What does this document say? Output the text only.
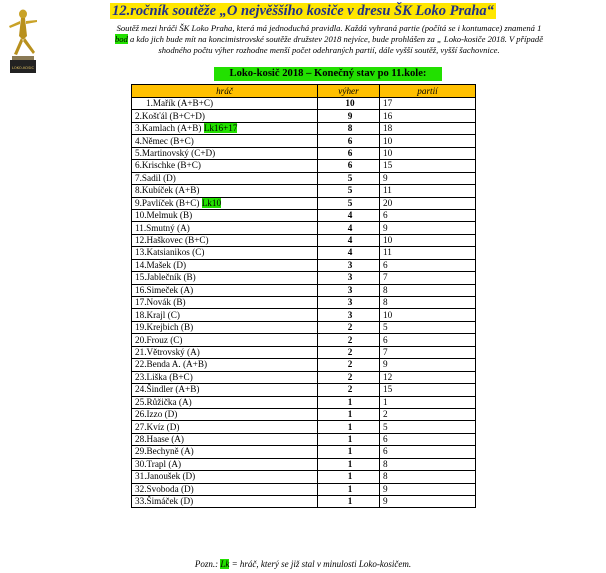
LOKO-KOSIC
12.ročník soutěže „O nejvěššího kosiče v dresu ŠK Loko Praha“
Soutěž mezi hráči ŠK Loko Praha, která má jednoduchá pravidla. Každá vyhraná partie (počítá se i kontumace) znamená 1
bod a kdo jich bude mít na koncimistrovské soutěže družstev 2018 nejvíce, bude prohlášen za „ Loko-kosiče 2018. V případě
shodného počtu výher rozhodne menší počet odehraných partií, dále vyšší soutěž, vyšší šachovnice.
Loko-kosič 2018 – Konečný stav po 11.kole:
hráč	výher	partií
1.Mařík (A+B+C)	10	17
2.Košťál (B+C+D)	9	16
3.Kamlach (A+B) Lk16+17	8	18
4.Němec (B+C)	6	10
5.Martinovský (C+D)	6	10
6.Krischke (B+C)	6	15
7.Sadil (D)	5	9
8.Kubíček (A+B)	5	11
9.Pavlíček (B+C) Lk10	5	20
10.Melmuk (B)	4	6
11.Smutný (A)	4	9
12.Haškovec (B+C)	4	10
13.Katsianikos (C)	4	11
14.Mašek (D)	3	6
15.Jablečník (B)	3	7
16.Simeček (A)	3	8
17.Novák (B)	3	8
18.Krajl (C)	3	10
19.Krejbich (B)	2	5
20.Frouz (C)	2	6
21.Větrovský (A)	2	7
22.Benda A. (A+B)	2	9
23.Liška (B+C)	2	12
24.Šindler (A+B)	2	15
25.Růžička (A)	1	1
26.Izzo (D)	1	2
27.Kvíz (D)	1	5
28.Haase (A)	1	6
29.Bechyně (A)	1	6
30.Trapl (A)	1	8
31.Janoušek (D)	1	8
32.Svoboda (D)	1	9
33.Šimáček (D)	1	9
Pozn.: Lk = hráč, který se již stal v minulosti Loko-kosičem.
